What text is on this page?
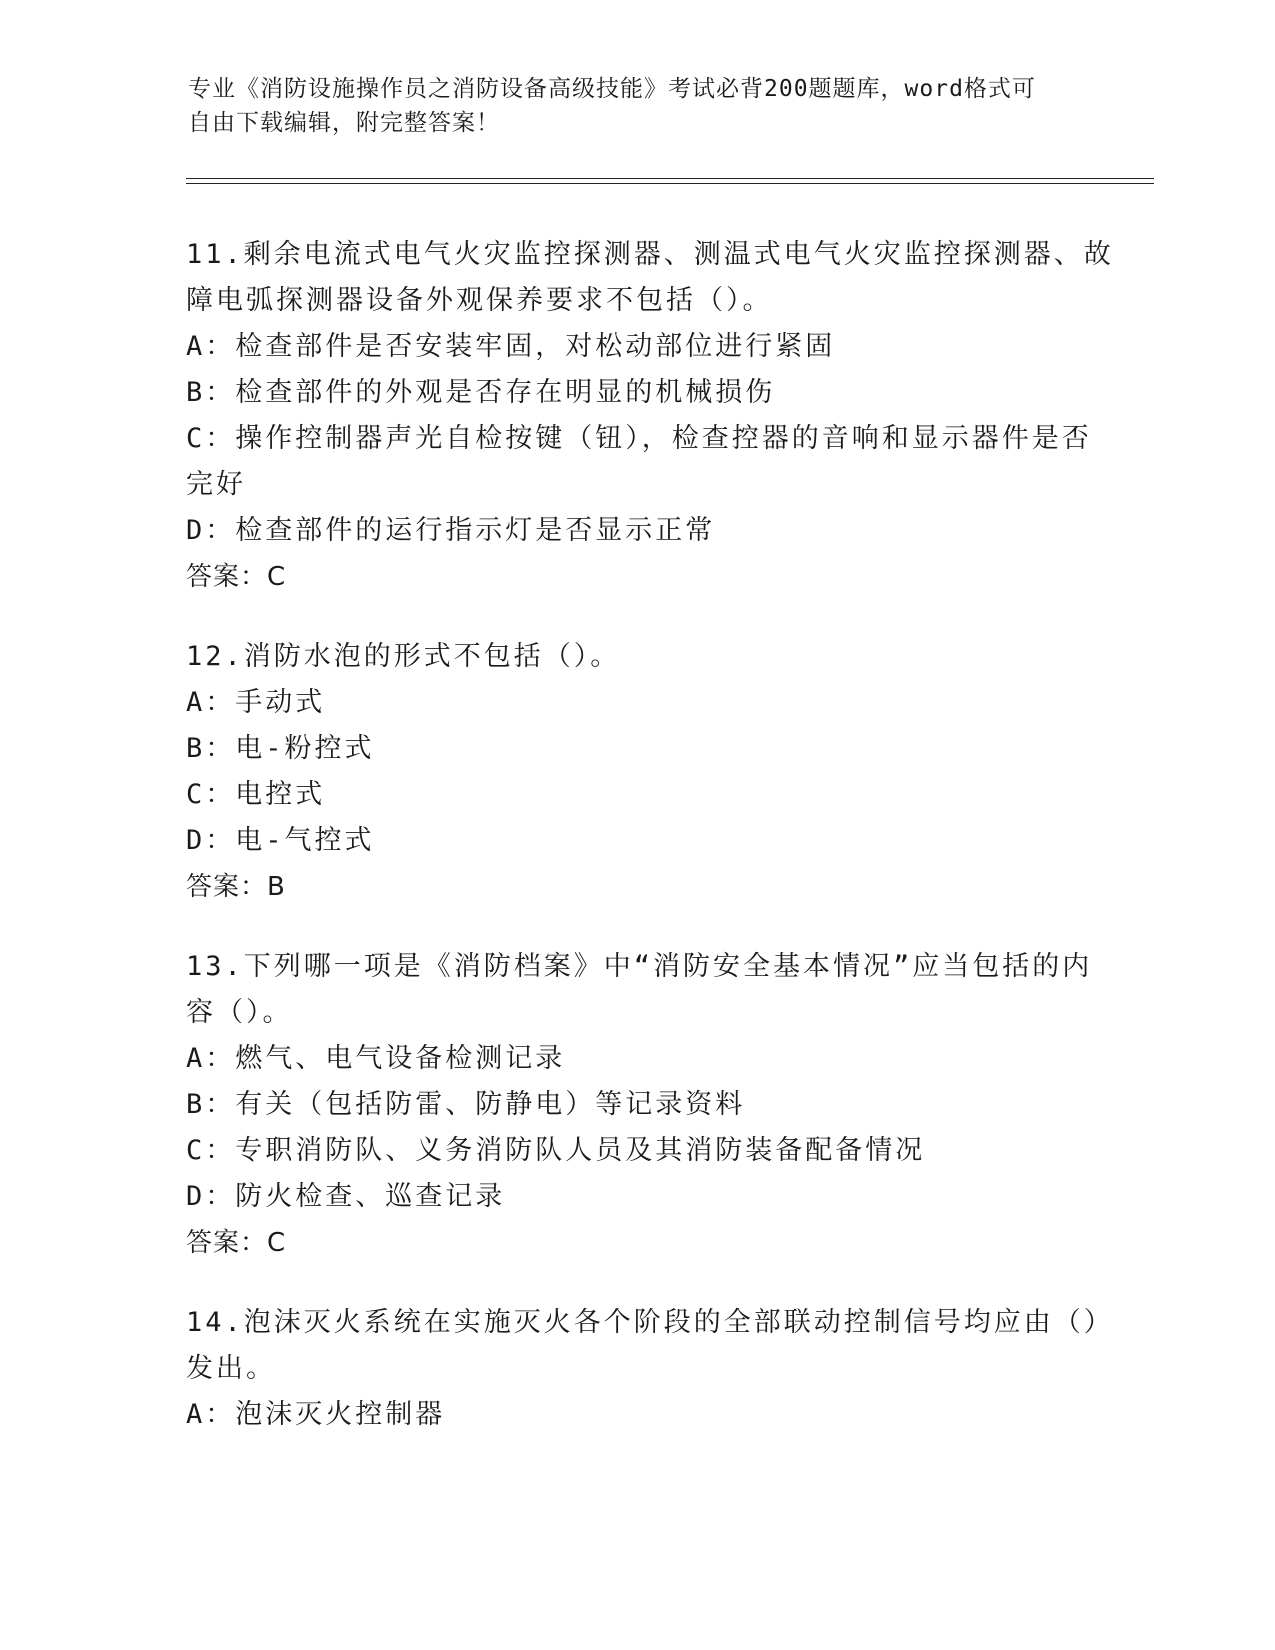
专业《消防设施操作员之消防设备高级技能》考试必背200题题库，word格式可
自由下载编辑，附完整答案！
11.剩余电流式电气火灾监控探测器、测温式电气火灾监控探测器、故
障电弧探测器设备外观保养要求不包括（）。
A：检查部件是否安装牢固，对松动部位进行紧固
B：检查部件的外观是否存在明显的机械损伤
C：操作控制器声光自检按键（钮），检查控器的音响和显示器件是否
完好
D：检查部件的运行指示灯是否显示正常
答案：C
12.消防水泡的形式不包括（）。
A：手动式
B：电-粉控式
C：电控式
D：电-气控式
答案：B
13.下列哪一项是《消防档案》中“消防安全基本情况”应当包括的内
容（）。
A：燃气、电气设备检测记录
B：有关（包括防雷、防静电）等记录资料
C：专职消防队、义务消防队人员及其消防装备配备情况
D：防火检查、巡查记录
答案：C
14.泡沫灭火系统在实施灭火各个阶段的全部联动控制信号均应由（）
发出。
A：泡沫灭火控制器
